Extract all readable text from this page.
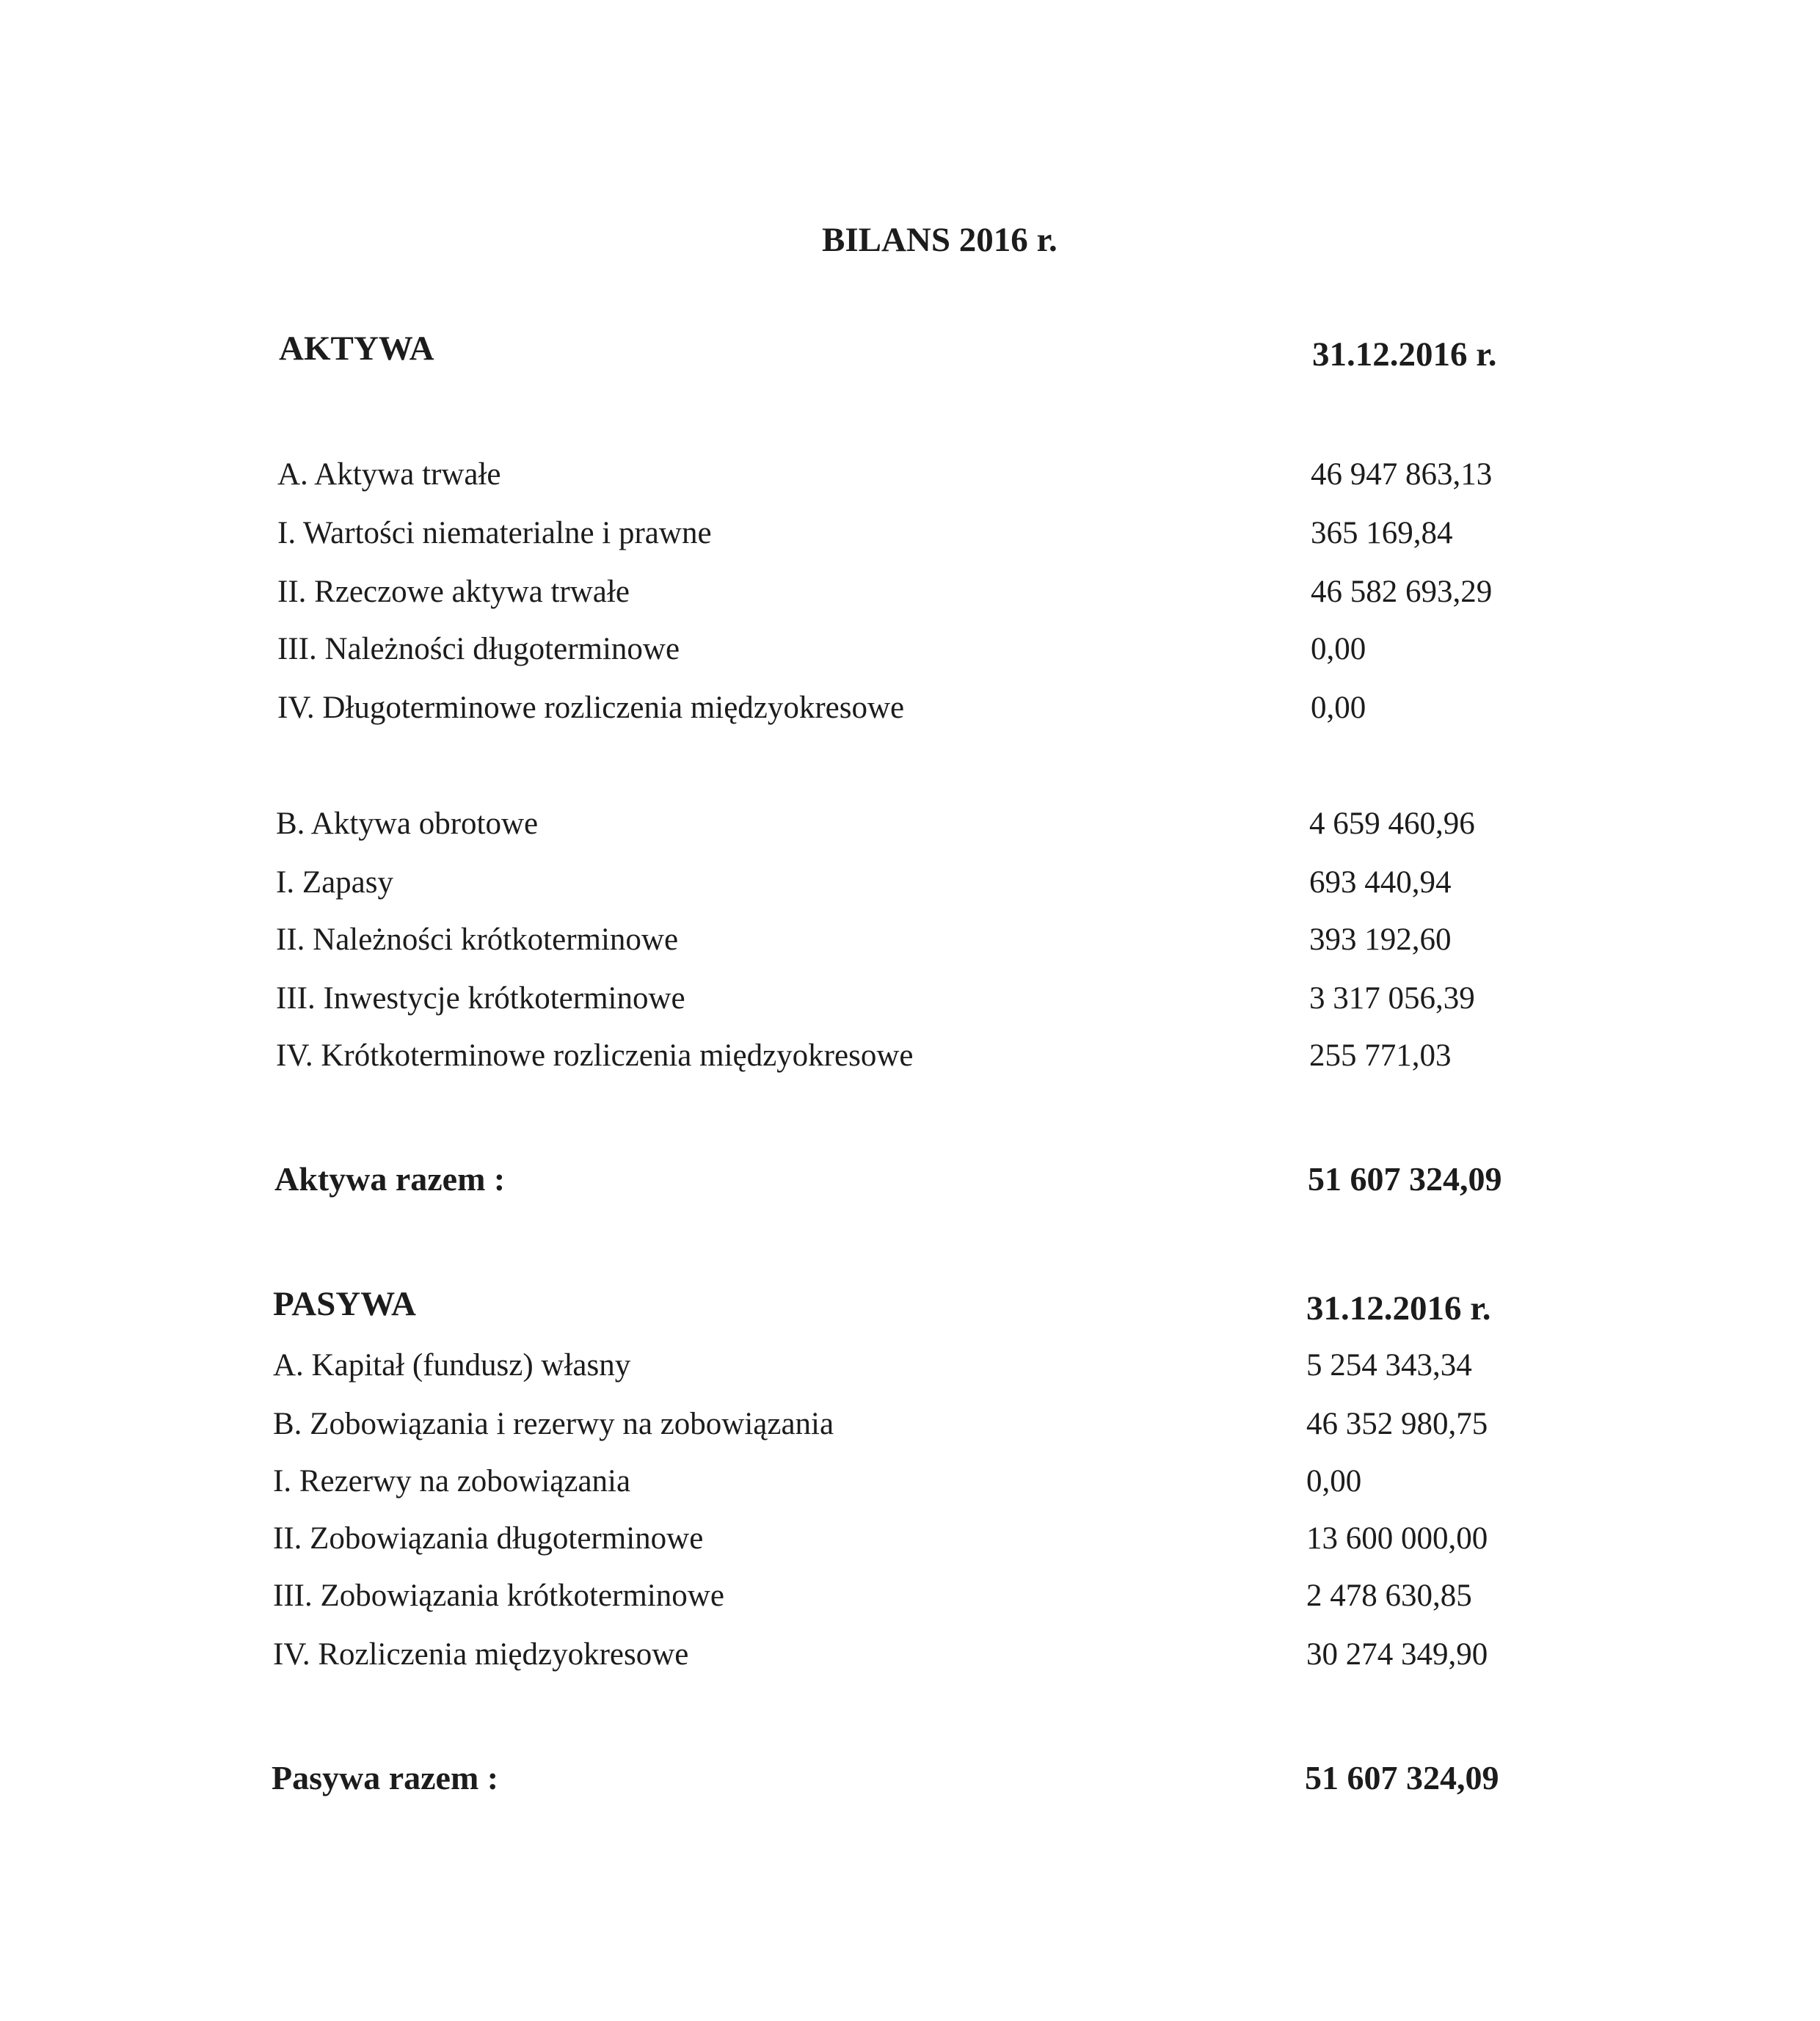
BILANS 2016 r.
AKTYWA	31.12.2016 r.
A. Aktywa trwałe	46 947 863,13
I. Wartości niematerialne i prawne	365 169,84
II. Rzeczowe aktywa trwałe	46 582 693,29
III. Należności długoterminowe	0,00
IV. Długoterminowe rozliczenia międzyokresowe	0,00
B. Aktywa obrotowe	4 659 460,96
I. Zapasy	693 440,94
II. Należności krótkoterminowe	393 192,60
III. Inwestycje krótkoterminowe	3 317 056,39
IV. Krótkoterminowe rozliczenia międzyokresowe	255 771,03
Aktywa razem :	51 607 324,09
PASYWA	31.12.2016 r.
A. Kapitał (fundusz) własny	5 254 343,34
B. Zobowiązania i rezerwy na zobowiązania	46 352 980,75
I. Rezerwy na zobowiązania	0,00
II. Zobowiązania długoterminowe	13 600 000,00
III. Zobowiązania krótkoterminowe	2 478 630,85
IV. Rozliczenia międzyokresowe	30 274 349,90
Pasywa razem :	51 607 324,09
